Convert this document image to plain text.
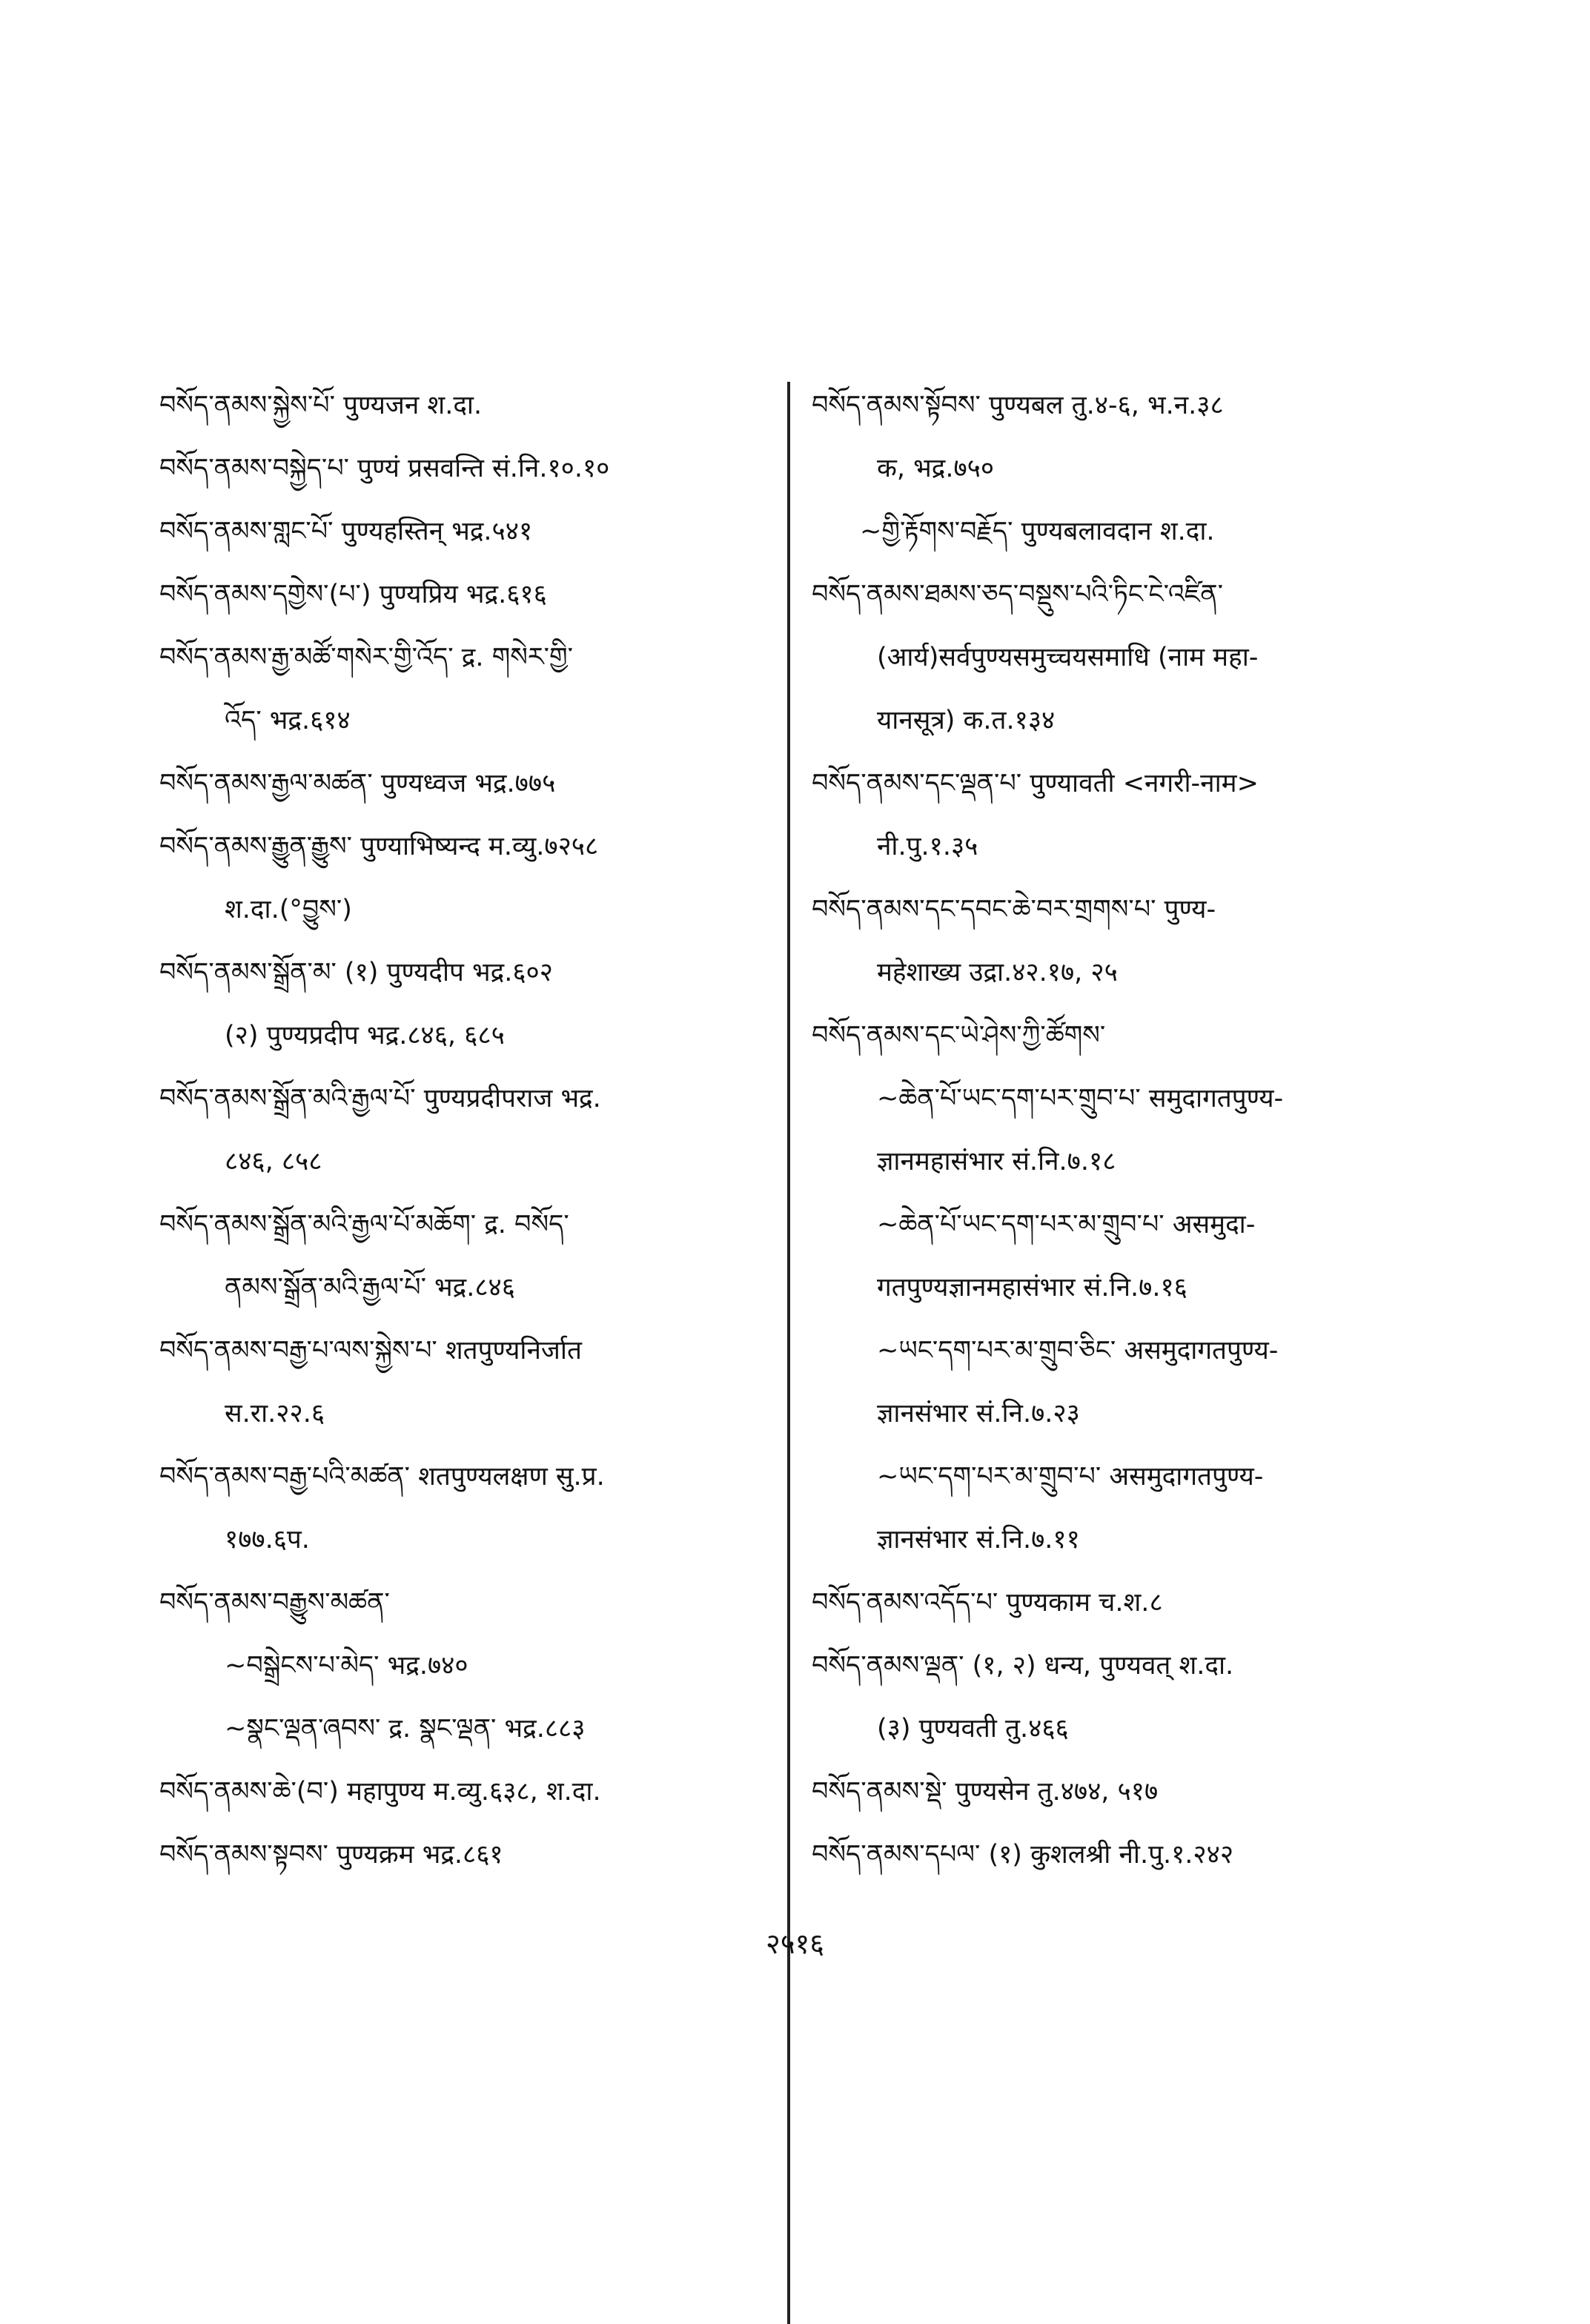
བསོད་ནམས་སྐྱེས་པོ་ पुण्यजन श.दा.
བསོད་ནམས་བསྐྱེད་པ་ पुण्यं प्रसवन्ति सं.नि.१०.१०
བསོད་ནམས་གླང་པོ་ पुण्यहस्तिन् भद्र.५४१
བསོད་ནམས་དགྱེས་(པ་) पुण्यप्रिय भद्र.६१६
བསོད་ནམས་རྒྱ་མཚོ་གསེར་གྱི་འོད་ द्र. གསེར་གྱི་
འོད་ भद्र.६१४
བསོད་ནམས་རྒྱལ་མཚན་ पुण्यध्वज भद्र.७७५
བསོད་ནམས་རྒྱུན་རྒྱུས་ पुण्याभिष्यन्द म.व्यु.७२५८
श.दा.(°བྱུས་)
བསོད་ནམས་སྒྲོན་མ་ (१) पुण्यदीप भद्र.६०२
(२) पुण्यप्रदीप भद्र.८४६, ६८५
བསོད་ནམས་སྒྲོན་མའི་རྒྱལ་པོ་ पुण्यप्रदीपराज भद्र.
८४६, ८५८
བསོད་ནམས་སྒྲོན་མའི་རྒྱལ་པོ་མཆོག་ द्र. བསོད་
ནམས་སྒྲོན་མའི་རྒྱལ་པོ་ भद्र.८४६
བསོད་ནམས་བརྒྱ་པ་ལས་སྐྱེས་པ་ शतपुण्यनिर्जात
स.रा.२२.६
བསོད་ནམས་བརྒྱ་པའི་མཚན་ शतपुण्यलक्षण सु.प्र.
१७७.६प.
བསོད་ནམས་བརྒྱུས་མཚན་
~བསྒྲེངས་པ་མེད་ भद्र.७४०
~སྣང་ལྡན་ཞབས་ द्र. སྣང་ལྡན་ भद्र.८८३
བསོད་ནམས་ཆེ་(བ་) महापुण्य म.व्यु.६३८, श.दा.
བསོད་ནམས་སྟབས་ पुण्यक्रम भद्र.८६१
བསོད་ནམས་སྟོབས་ पुण्यबल तु.४-६, भ.न.३८
क, भद्र.७५०
~གྱི་རྟོགས་བརྗོད་ पुण्यबलावदान श.दा.
བསོད་ནམས་ཐམས་ཅད་བསྡུས་པའི་ཏིང་ངེ་འཛིན་
(आर्य)सर्वपुण्यसमुच्चयसमाधि (नाम महा-
यानसूत्र) क.त.१३४
བསོད་ནམས་དང་ལྡན་པ་ पुण्यावती <नगरी-नाम>
नी.पु.१.३५
བསོད་ནམས་དང་དབང་ཆེ་བར་གྲགས་པ་ पुण्य-
महेशाख्य उद्रा.४२.१७, २५
བསོད་ནམས་དང་ཡེ་ཤེས་ཀྱི་ཚོགས་
~ཆེན་པོ་ཡང་དག་པར་གྲུབ་པ་ समुदागतपुण्य-
ज्ञानमहासंभार सं.नि.७.१८
~ཆེན་པོ་ཡང་དག་པར་མ་གྲུབ་པ་ असमुदा-
गतपुण्यज्ञानमहासंभार सं.नि.७.१६
~ཡང་དག་པར་མ་གྲུབ་ཅིང་ असमुदागतपुण्य-
ज्ञानसंभार सं.नि.७.२३
~ཡང་དག་པར་མ་གྲུབ་པ་ असमुदागतपुण्य-
ज्ञानसंभार सं.नि.७.११
བསོད་ནམས་འདོད་པ་ पुण्यकाम च.श.८
བསོད་ནམས་ལྡན་ (१, २) धन्य, पुण्यवत् श.दा.
(३) पुण्यवती तु.४६६
བསོད་ནམས་སྡེ་ पुण्यसेन तु.४७४, ५१७
བསོད་ནམས་དཔལ་ (१) कुशलश्री नी.पु.१.२४२
२५१६
